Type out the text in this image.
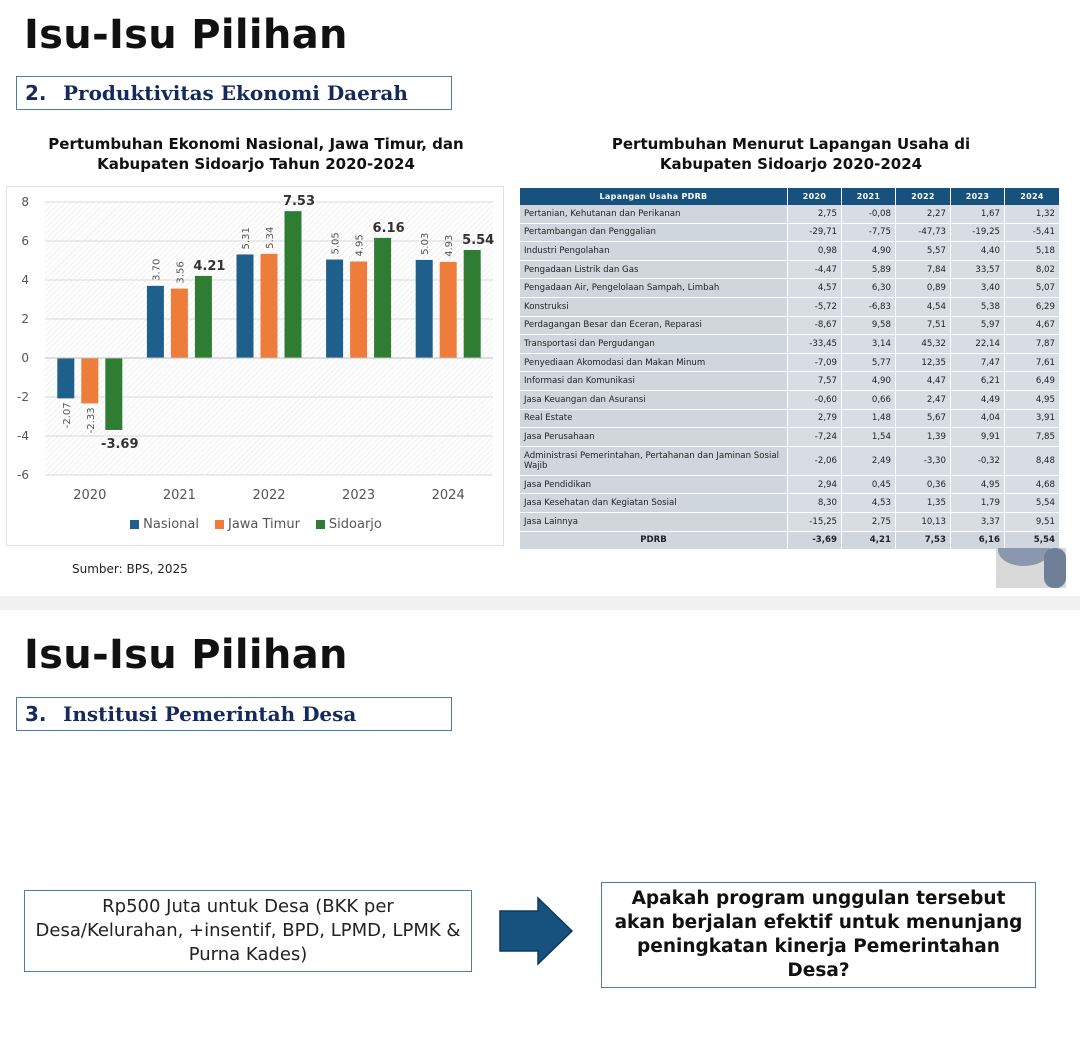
Isu-Isu Pilihan
2. Produktivitas Ekonomi Daerah
Pertumbuhan Ekonomi Nasional, Jawa Timur, dan
Kabupaten Sidoarjo Tahun 2020-2024
8
6
4
2
0
-2
-4
-6
2020
-2.07 -2.33
-3.69
2021
3.70 3.56 4.21
2022
5.31 5.34
7.53
2023
5.05 4.95
6.16
2024
5.03 4.93 5.54
Nasional Jawa Timur Sidoarjo
Sumber: BPS, 2025
Pertumbuhan Menurut Lapangan Usaha di
Kabupaten Sidoarjo 2020-2024
Lapangan Usaha PDRB	2020	2021	2022	2023	2024
Pertanian, Kehutanan dan Perikanan	2,75	-0,08	2,27	1,67	1,32
Pertambangan dan Penggalian	-29,71	-7,75	-47,73	-19,25	-5,41
Industri Pengolahan	0,98	4,90	5,57	4,40	5,18
Pengadaan Listrik dan Gas	-4,47	5,89	7,84	33,57	8,02
Pengadaan Air, Pengelolaan Sampah, Limbah	4,57	6,30	0,89	3,40	5,07
Konstruksi	-5,72	-6,83	4,54	5,38	6,29
Perdagangan Besar dan Eceran, Reparasi	-8,67	9,58	7,51	5,97	4,67
Transportasi dan Pergudangan	-33,45	3,14	45,32	22,14	7,87
Penyediaan Akomodasi dan Makan Minum	-7,09	5,77	12,35	7,47	7,61
Informasi dan Komunikasi	7,57	4,90	4,47	6,21	6,49
Jasa Keuangan dan Asuransi	-0,60	0,66	2,47	4,49	4,95
Real Estate	2,79	1,48	5,67	4,04	3,91
Jasa Perusahaan	-7,24	1,54	1,39	9,91	7,85
Administrasi Pemerintahan, Pertahanan dan Jaminan Sosial Wajib	-2,06	2,49	-3,30	-0,32	8,48
Jasa Pendidikan	2,94	0,45	0,36	4,95	4,68
Jasa Kesehatan dan Kegiatan Sosial	8,30	4,53	1,35	1,79	5,54
Jasa Lainnya	-15,25	2,75	10,13	3,37	9,51
PDRB	-3,69	4,21	7,53	6,16	5,54
Isu-Isu Pilihan
3. Institusi Pemerintah Desa
Rp500 Juta untuk Desa (BKK per Desa/Kelurahan, +insentif, BPD, LPMD, LPMK & Purna Kades)
Apakah program unggulan tersebut akan berjalan efektif untuk menunjang peningkatan kinerja Pemerintahan Desa?
